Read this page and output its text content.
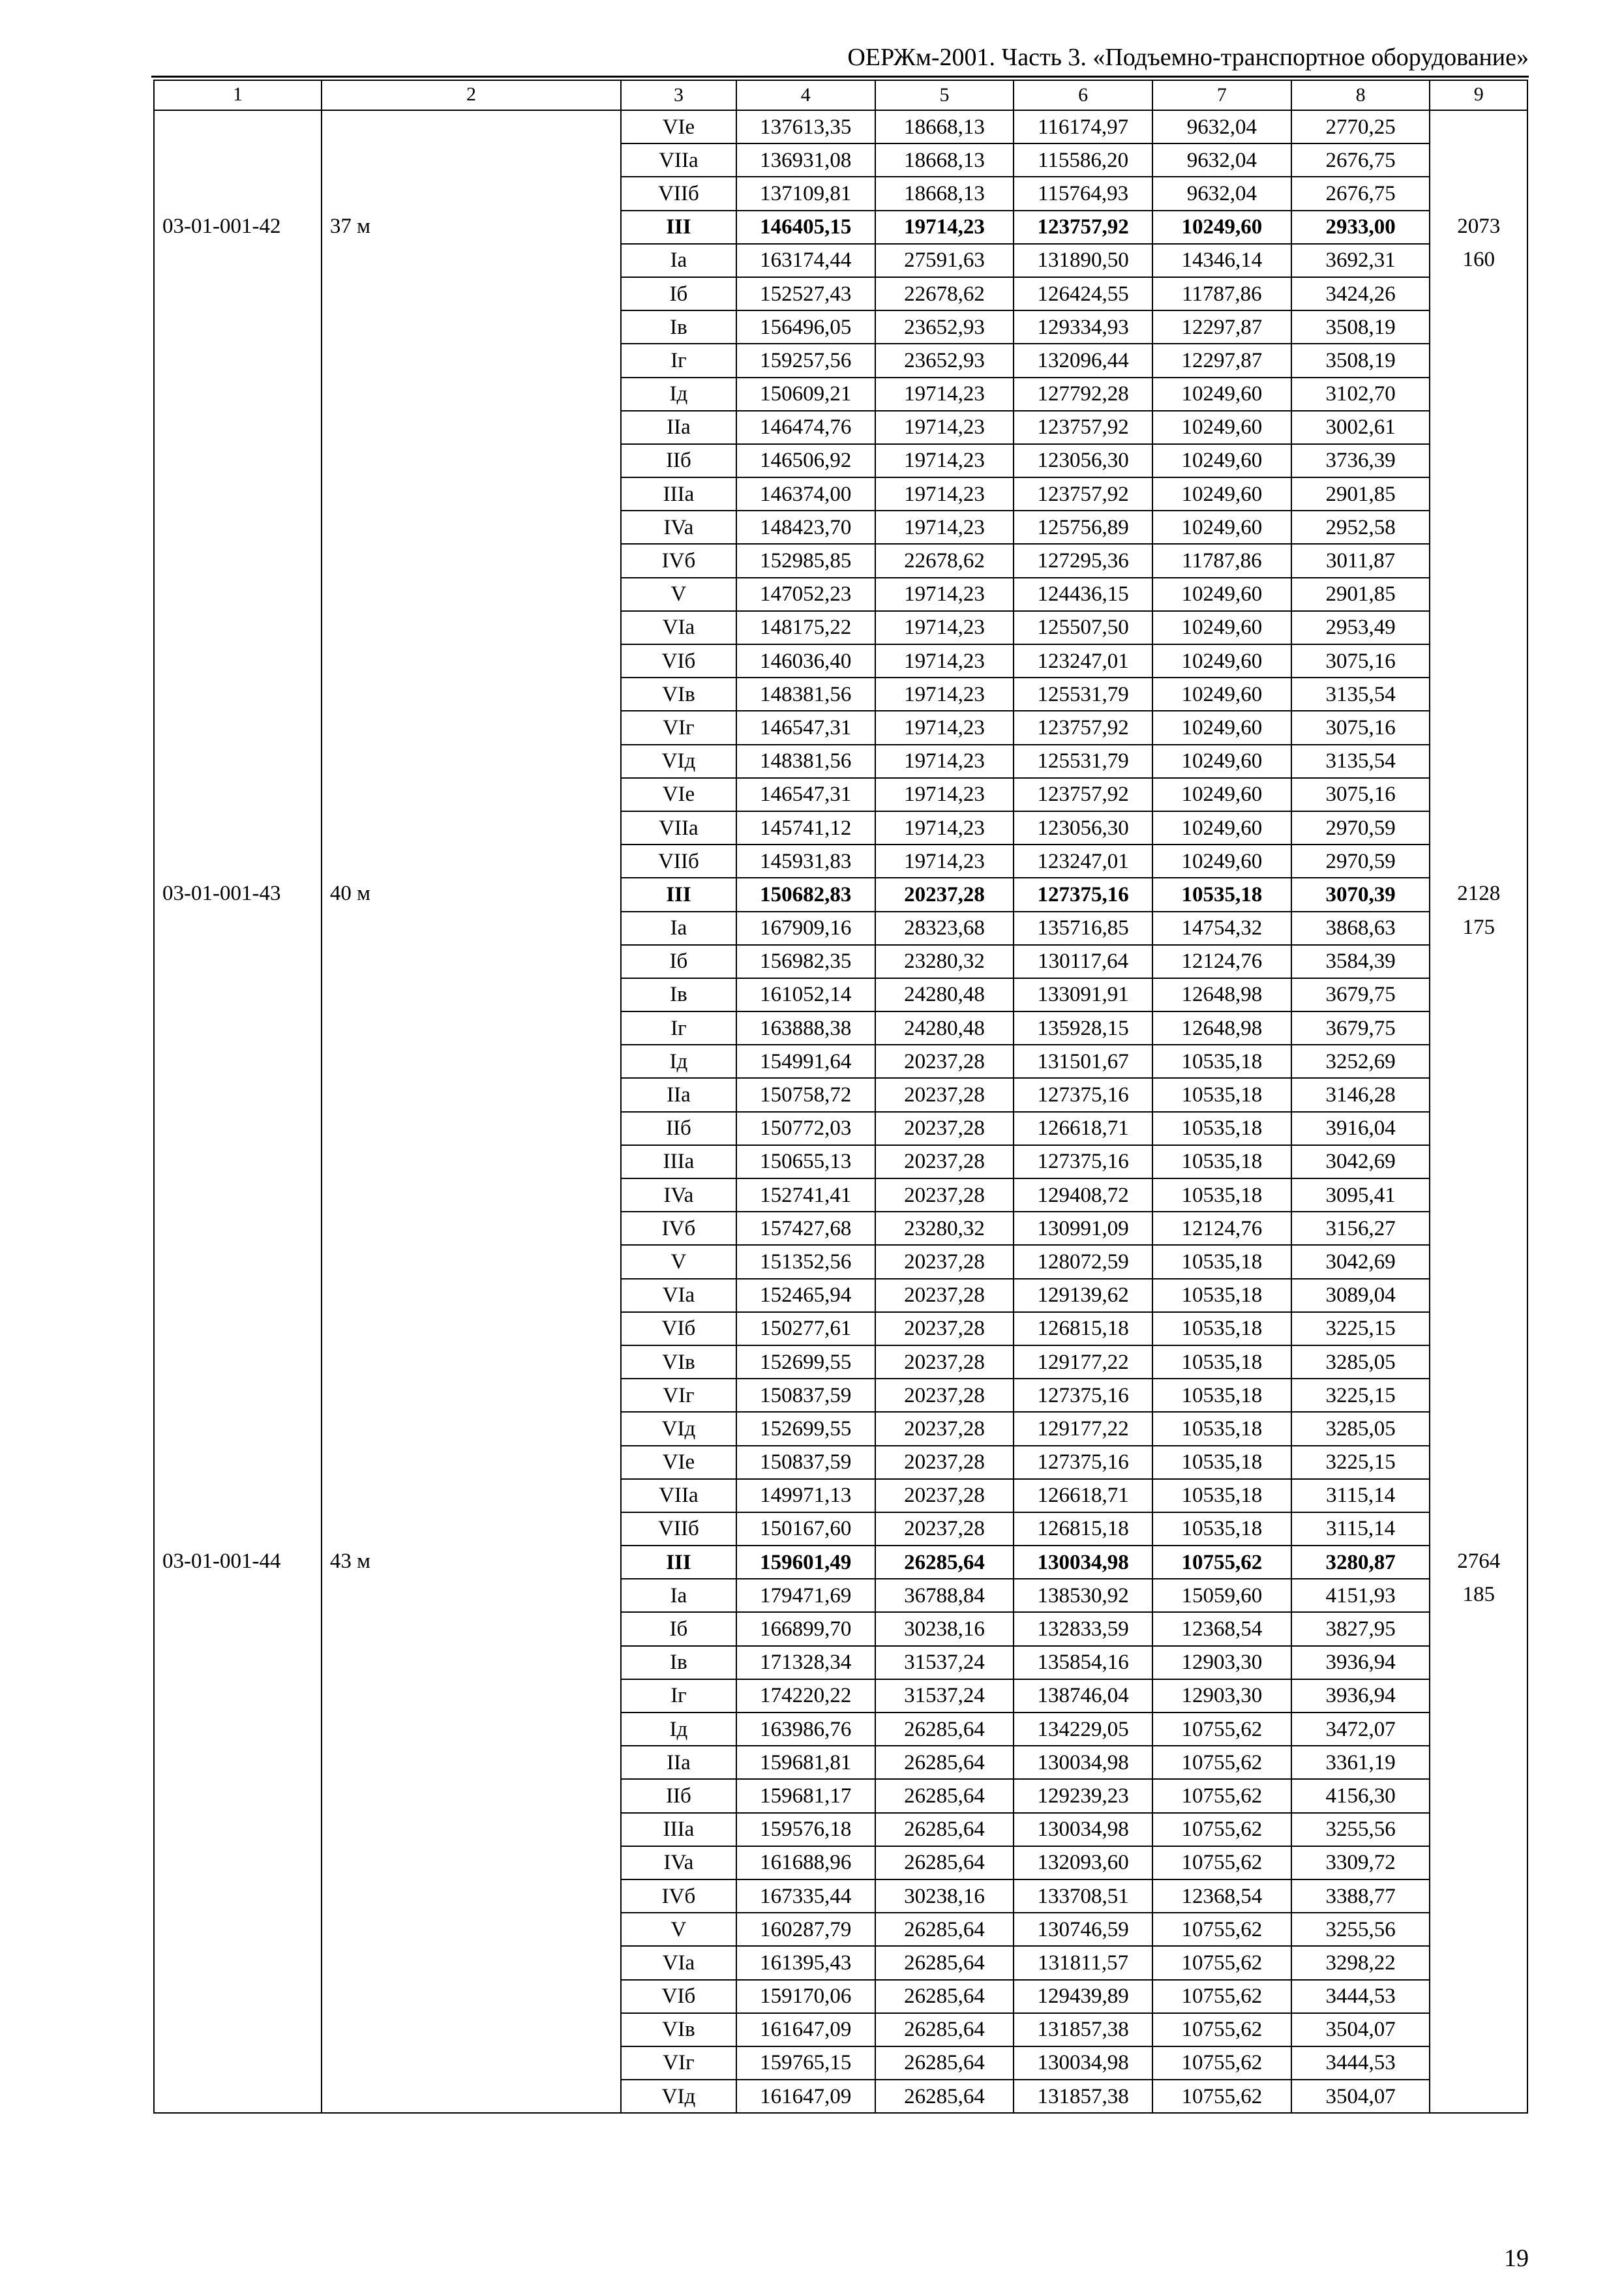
ОЕРЖм-2001. Часть 3. «Подъемно-транспортное оборудование»
1	2	3	4	5	6	7	8	9
		VIe	137613,35	18668,13	116174,97	9632,04	2770,25	
		VIIa	136931,08	18668,13	115586,20	9632,04	2676,75	
		VIIб	137109,81	18668,13	115764,93	9632,04	2676,75	
03-01-001-42	37 м	III	146405,15	19714,23	123757,92	10249,60	2933,00	2073
		Ia	163174,44	27591,63	131890,50	14346,14	3692,31	160
		Iб	152527,43	22678,62	126424,55	11787,86	3424,26	
		Iв	156496,05	23652,93	129334,93	12297,87	3508,19	
		Iг	159257,56	23652,93	132096,44	12297,87	3508,19	
		Iд	150609,21	19714,23	127792,28	10249,60	3102,70	
		IIa	146474,76	19714,23	123757,92	10249,60	3002,61	
		IIб	146506,92	19714,23	123056,30	10249,60	3736,39	
		IIIa	146374,00	19714,23	123757,92	10249,60	2901,85	
		IVa	148423,70	19714,23	125756,89	10249,60	2952,58	
		IVб	152985,85	22678,62	127295,36	11787,86	3011,87	
		V	147052,23	19714,23	124436,15	10249,60	2901,85	
		VIa	148175,22	19714,23	125507,50	10249,60	2953,49	
		VIб	146036,40	19714,23	123247,01	10249,60	3075,16	
		VIв	148381,56	19714,23	125531,79	10249,60	3135,54	
		VIг	146547,31	19714,23	123757,92	10249,60	3075,16	
		VIд	148381,56	19714,23	125531,79	10249,60	3135,54	
		VIe	146547,31	19714,23	123757,92	10249,60	3075,16	
		VIIa	145741,12	19714,23	123056,30	10249,60	2970,59	
		VIIб	145931,83	19714,23	123247,01	10249,60	2970,59	
03-01-001-43	40 м	III	150682,83	20237,28	127375,16	10535,18	3070,39	2128
		Ia	167909,16	28323,68	135716,85	14754,32	3868,63	175
		Iб	156982,35	23280,32	130117,64	12124,76	3584,39	
		Iв	161052,14	24280,48	133091,91	12648,98	3679,75	
		Iг	163888,38	24280,48	135928,15	12648,98	3679,75	
		Iд	154991,64	20237,28	131501,67	10535,18	3252,69	
		IIa	150758,72	20237,28	127375,16	10535,18	3146,28	
		IIб	150772,03	20237,28	126618,71	10535,18	3916,04	
		IIIa	150655,13	20237,28	127375,16	10535,18	3042,69	
		IVa	152741,41	20237,28	129408,72	10535,18	3095,41	
		IVб	157427,68	23280,32	130991,09	12124,76	3156,27	
		V	151352,56	20237,28	128072,59	10535,18	3042,69	
		VIa	152465,94	20237,28	129139,62	10535,18	3089,04	
		VIб	150277,61	20237,28	126815,18	10535,18	3225,15	
		VIв	152699,55	20237,28	129177,22	10535,18	3285,05	
		VIг	150837,59	20237,28	127375,16	10535,18	3225,15	
		VIд	152699,55	20237,28	129177,22	10535,18	3285,05	
		VIe	150837,59	20237,28	127375,16	10535,18	3225,15	
		VIIa	149971,13	20237,28	126618,71	10535,18	3115,14	
		VIIб	150167,60	20237,28	126815,18	10535,18	3115,14	
03-01-001-44	43 м	III	159601,49	26285,64	130034,98	10755,62	3280,87	2764
		Ia	179471,69	36788,84	138530,92	15059,60	4151,93	185
		Iб	166899,70	30238,16	132833,59	12368,54	3827,95	
		Iв	171328,34	31537,24	135854,16	12903,30	3936,94	
		Iг	174220,22	31537,24	138746,04	12903,30	3936,94	
		Iд	163986,76	26285,64	134229,05	10755,62	3472,07	
		IIa	159681,81	26285,64	130034,98	10755,62	3361,19	
		IIб	159681,17	26285,64	129239,23	10755,62	4156,30	
		IIIa	159576,18	26285,64	130034,98	10755,62	3255,56	
		IVa	161688,96	26285,64	132093,60	10755,62	3309,72	
		IVб	167335,44	30238,16	133708,51	12368,54	3388,77	
		V	160287,79	26285,64	130746,59	10755,62	3255,56	
		VIa	161395,43	26285,64	131811,57	10755,62	3298,22	
		VIб	159170,06	26285,64	129439,89	10755,62	3444,53	
		VIв	161647,09	26285,64	131857,38	10755,62	3504,07	
		VIг	159765,15	26285,64	130034,98	10755,62	3444,53	
		VIд	161647,09	26285,64	131857,38	10755,62	3504,07	
19
